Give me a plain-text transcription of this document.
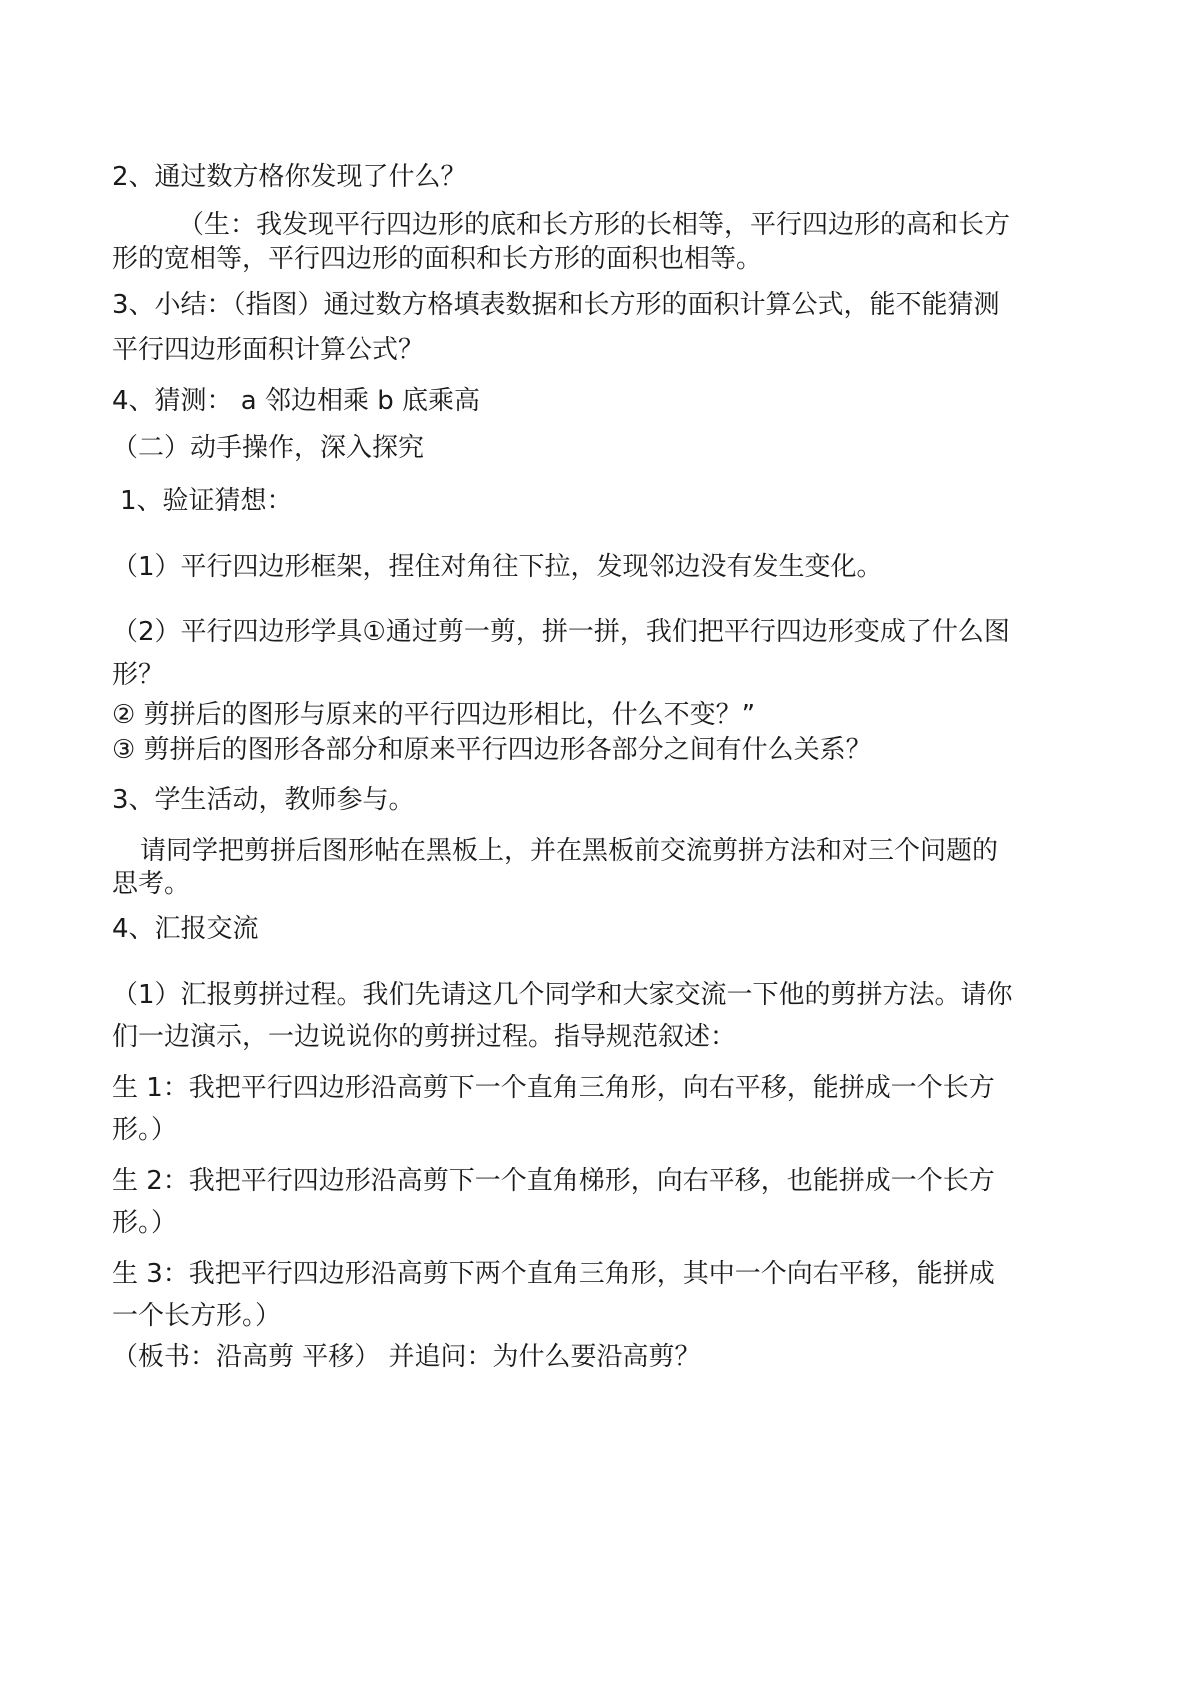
2、通过数方格你发现了什么？
（生：我发现平行四边形的底和长方形的长相等，平行四边形的高和长方
形的宽相等，平行四边形的面积和长方形的面积也相等。
3、小结：（指图）通过数方格填表数据和长方形的面积计算公式，能不能猜测
平行四边形面积计算公式？
4、猜测： a 邻边相乘 b 底乘高
（二）动手操作，深入探究
1、验证猜想：
（1）平行四边形框架，捏住对角往下拉，发现邻边没有发生变化。
（2）平行四边形学具①通过剪一剪，拼一拼，我们把平行四边形变成了什么图
形？
② 剪拼后的图形与原来的平行四边形相比，什么不变？”
③ 剪拼后的图形各部分和原来平行四边形各部分之间有什么关系？
3、学生活动，教师参与。
请同学把剪拼后图形帖在黑板上，并在黑板前交流剪拼方法和对三个问题的
思考。
4、汇报交流
（1）汇报剪拼过程。我们先请这几个同学和大家交流一下他的剪拼方法。请你
们一边演示，一边说说你的剪拼过程。指导规范叙述：
生 1：我把平行四边形沿高剪下一个直角三角形，向右平移，能拼成一个长方
形。）
生 2：我把平行四边形沿高剪下一个直角梯形，向右平移，也能拼成一个长方
形。）
生 3：我把平行四边形沿高剪下两个直角三角形，其中一个向右平移，能拼成
一个长方形。）
（板书：沿高剪 平移） 并追问：为什么要沿高剪？
